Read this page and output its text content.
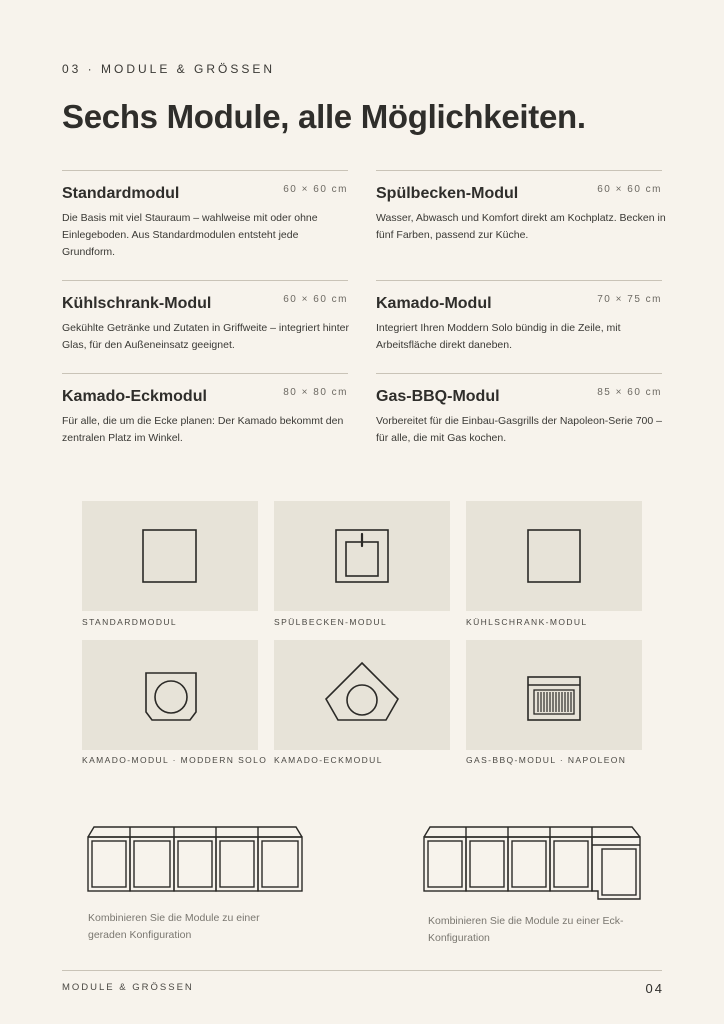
03 · MODULE & GRÖSSEN
Sechs Module, alle Möglichkeiten.
Standardmodul	60 × 60 cm
Die Basis mit viel Stauraum – wahlweise mit oder ohne Einlegeboden. Aus Standardmodulen entsteht jede Grundform.
Spülbecken-Modul	60 × 60 cm
Wasser, Abwasch und Komfort direkt am Kochplatz. Becken in fünf Farben, passend zur Küche.
Kühlschrank-Modul	60 × 60 cm
Gekühlte Getränke und Zutaten in Griffweite – integriert hinter Glas, für den Außeneinsatz geeignet.
Kamado-Modul	70 × 75 cm
Integriert Ihren Moddern Solo bündig in die Zeile, mit Arbeitsfläche direkt daneben.
Kamado-Eckmodul	80 × 80 cm
Für alle, die um die Ecke planen: Der Kamado bekommt den zentralen Platz im Winkel.
Gas-BBQ-Modul	85 × 60 cm
Vorbereitet für die Einbau-Gasgrills der Napoleon-Serie 700 – für alle, die mit Gas kochen.
STANDARDMODUL	SPÜLBECKEN-MODUL	KÜHLSCHRANK-MODUL
KAMADO-MODUL · MODDERN SOLO KAMADO-ECKMODUL	GAS-BBQ-MODUL · NAPOLEON
Kombinieren Sie die Module zu einer geraden Konfiguration
Kombinieren Sie die Module zu einer Eck-Konfiguration
MODULE & GRÖSSEN	04
